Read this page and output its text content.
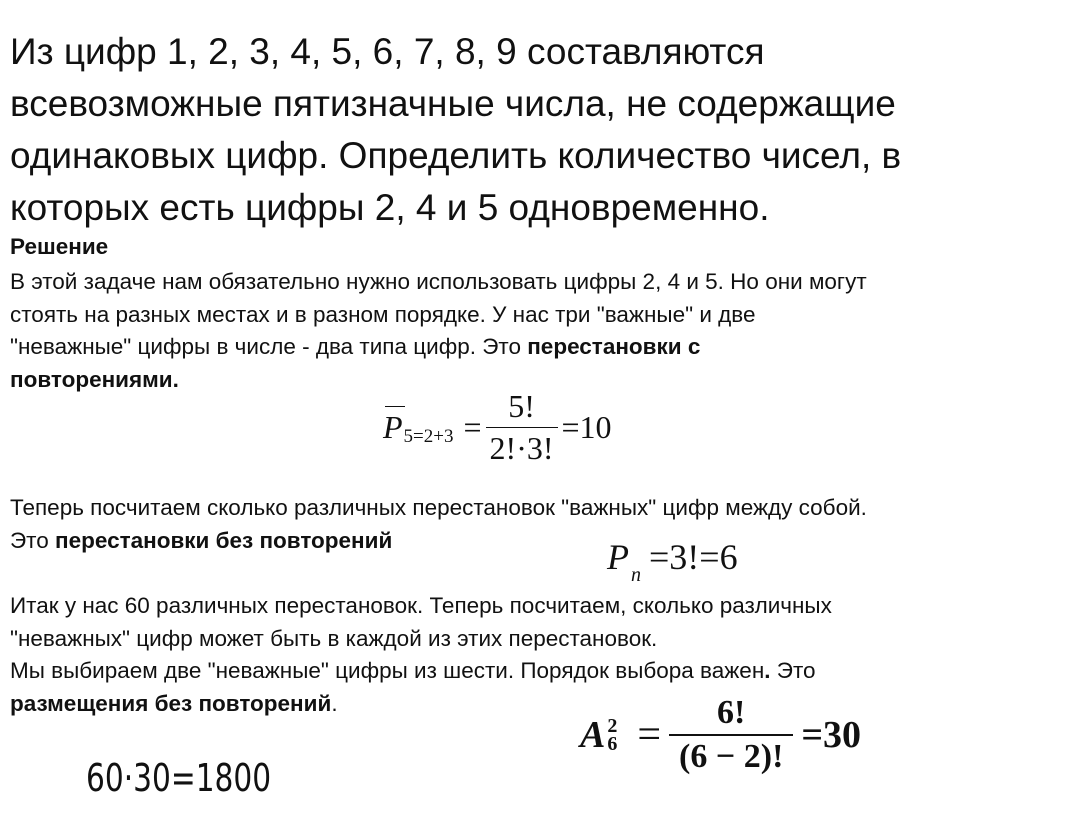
Из цифр 1, 2, 3, 4, 5, 6, 7, 8, 9 составляются
всевозможные пятизначные числа, не содержащие
одинаковых цифр. Определить количество чисел, в
которых есть цифры 2, 4 и 5 одновременно.
Решение
В этой задаче нам обязательно нужно использовать цифры 2, 4 и 5. Но они могут
стоять на разных местах и в разном порядке. У нас три "важные" и две
"неважные" цифры в числе - два типа цифр. Это перестановки с
повторениями.
P $5=2+3 = \frac{5!}{2!\cdot 3!} =10$
Теперь посчитаем сколько различных перестановок "важных" цифр между собой.
Это перестановки без повторений	P $_n$ =3!=6
Итак у нас 60 различных перестановок. Теперь посчитаем, сколько различных
"неважных" цифр может быть в каждой из этих перестановок.
Мы выбираем две "неважные" цифры из шести. Порядок выбора важен. Это
размещения без повторений.
A 2
$6 = \frac{6!}{(6 - 2)!} =30$
60·30=1800
